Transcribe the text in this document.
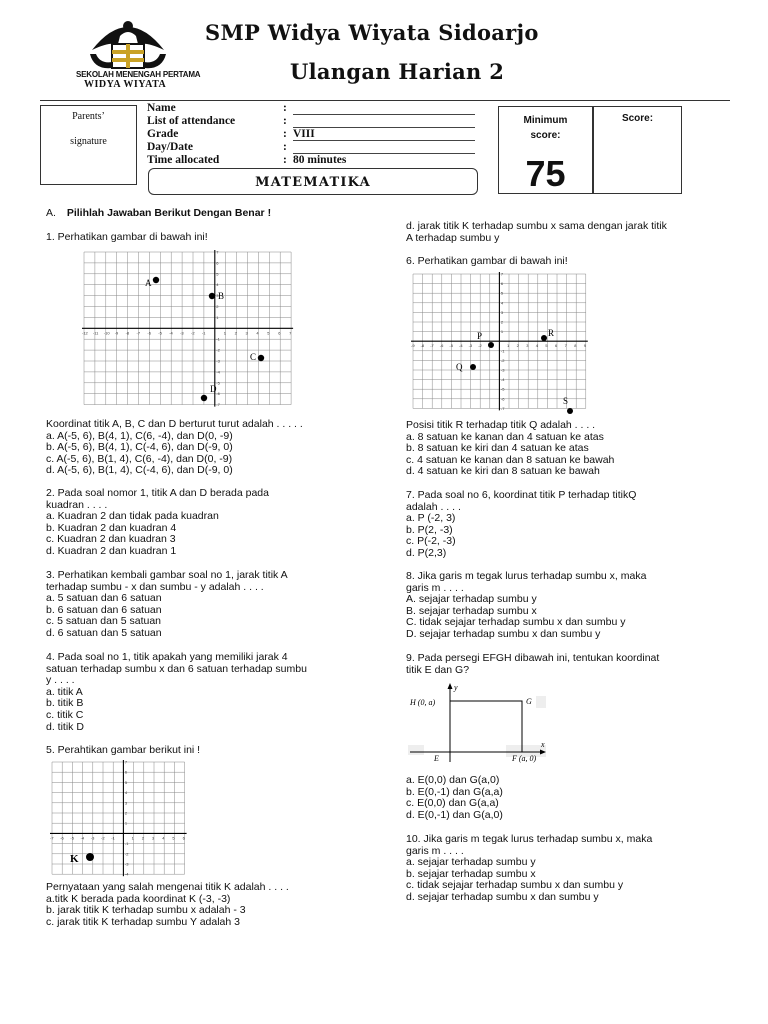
SEKOLAH MENENGAH PERTAMA
WIDYA WIYATA
SMP Widya Wiyata Sidoarjo
Ulangan Harian 2
Parents’
signature
Name	:
List of attendance	:
Grade	: VIII
Day/Date	:
Time allocated	: 80 minutes
MATEMATIKA
Minimum
score:
75
Score:
A. Pilihlah Jawaban Berikut Dengan Benar !
1. Perhatikan gambar di bawah ini!
-12 -11 -10 -9 -8 -7 -6 -5 -4 -3 -2 -1	1 2 3 4 5 6 7
7
6
5
4
3
2
1
-1
-2
-3
-4
-5
-6
-7
A
B
C
D
Koordinat titik A, B, C dan D berturut turut adalah . . . . .
a. A(-5, 6), B(4, 1), C(6, -4), dan D(0, -9)
b. A(-5, 6), B(4, 1), C(-4, 6), dan D(-9, 0)
c. A(-5, 6), B(1, 4), C(6, -4), dan D(0, -9)
d. A(-5, 6), B(1, 4), C(-4, 6), dan D(-9, 0)
2. Pada soal nomor 1, titik A dan D berada pada
kuadran . . . .
a. Kuadran 2 dan tidak pada kuadran
b. Kuadran 2 dan kuadran 4
c. Kuadran 2 dan kuadran 3
d. Kuadran 2 dan kuadran 1
3. Perhatikan kembali gambar soal no 1, jarak titik A
terhadap sumbu - x dan sumbu - y adalah . . . .
a. 5 satuan dan 6 satuan
b. 6 satuan dan 6 satuan
c. 5 satuan dan 5 satuan
d. 6 satuan dan 5 satuan
4. Pada soal no 1, titik apakah yang memiliki jarak 4
satuan terhadap sumbu x dan 6 satuan terhadap sumbu
y . . . .
a. titik A
b. titik B
c. titik C
d. titik D
5. Perahtikan gambar berikut ini !
-7 -6 -5 -4 -3 -2 -1	1 2 3 4 5 6
7
6
5
4
3
2
1
-1
-2
-3
-4
K
Pernyataan yang salah mengenai titik K adalah . . . .
a.titk K berada pada koordinat K (-3, -3)
b. jarak titik K terhadap sumbu x adalah - 3
c. jarak titik K terhadap sumbu Y adalah 3
d. jarak titik K terhadap sumbu x sama dengan jarak titik
A terhadap sumbu y
6. Perhatikan gambar di bawah ini!
-9 -8 -7 -6 -5 -4 -3 -2	1 2 3 4 5 6 7 8 9
7
6
5
4
3
2
1
-1
-2
-3
-4
-5
-6
-7
P	R
Q
S
Posisi titik R terhadap titik Q adalah . . . .
a. 8 satuan ke kanan dan 4 satuan ke atas
b. 8 satuan ke kiri dan 4 satuan ke atas
c. 4 satuan ke kanan dan 8 satuan ke bawah
d. 4 satuan ke kiri dan 8 satuan ke bawah
7. Pada soal no 6, koordinat titik P terhadap titikQ
adalah . . . .
a. P (-2, 3)
b. P(2, -3)
c. P(-2, -3)
d. P(2,3)
8. Jika garis m tegak lurus terhadap sumbu x, maka
garis m . . . .
A. sejajar terhadap sumbu y
B. sejajar terhadap sumbu x
C. tidak sejajar terhadap sumbu x dan sumbu y
D. sejajar terhadap sumbu x dan sumbu y
9. Pada persegi EFGH dibawah ini, tentukan koordinat
titik E dan G?
y
x
H (0, a)	G
E	F (a, 0)
a. E(0,0) dan G(a,0)
b. E(0,-1) dan G(a,a)
c. E(0,0) dan G(a,a)
d. E(0,-1) dan G(a,0)
10. Jika garis m tegak lurus terhadap sumbu x, maka
garis m . . . .
a. sejajar terhadap sumbu y
b. sejajar terhadap sumbu x
c. tidak sejajar terhadap sumbu x dan sumbu y
d. sejajar terhadap sumbu x dan sumbu y
